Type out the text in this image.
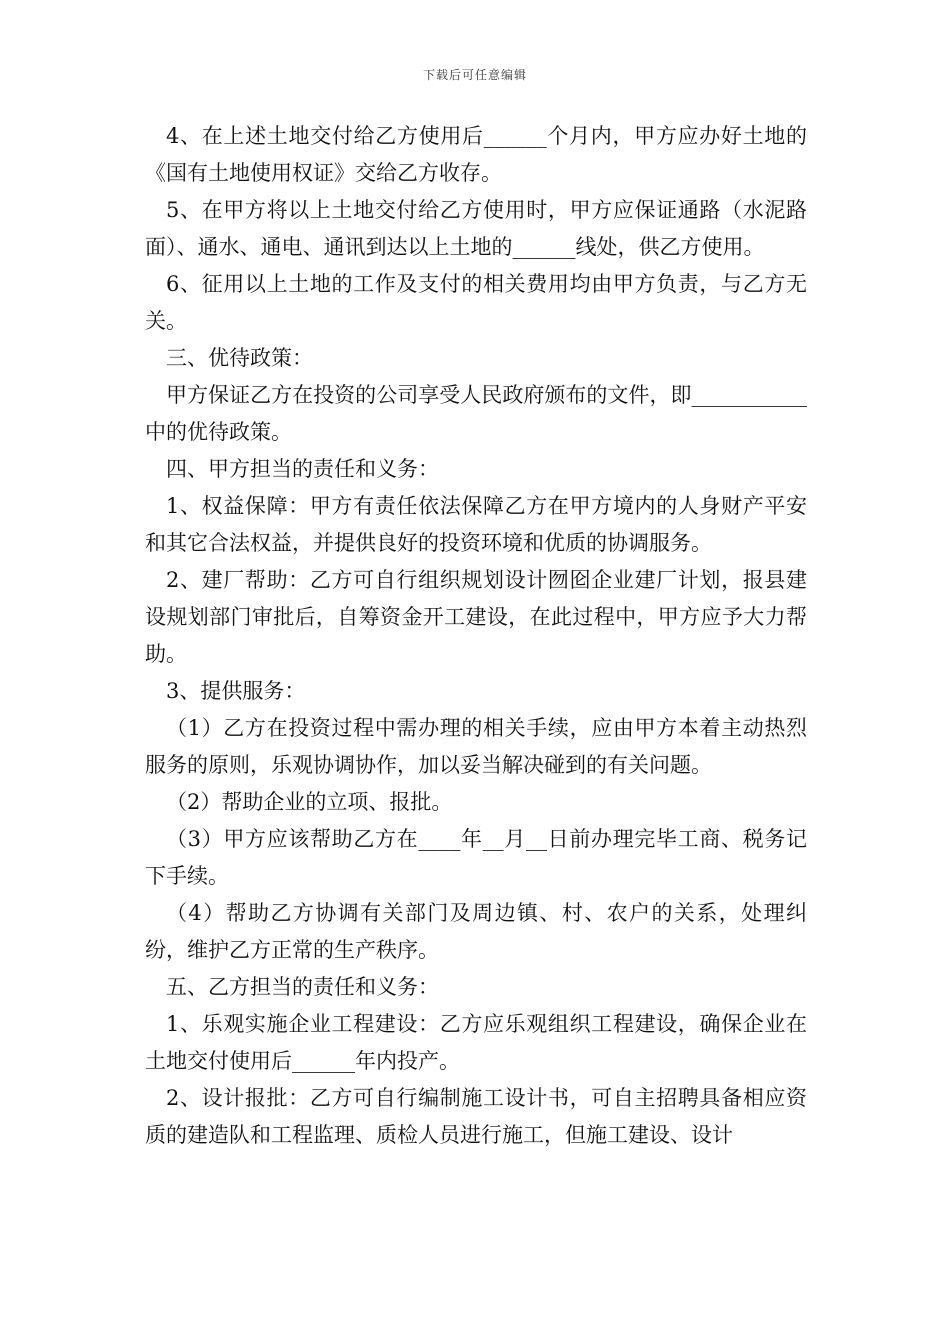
下载后可任意编辑

4、在上述土地交付给乙方使用后______个月内，甲方应办好土地的《国有土地使用权证》交给乙方收存。

5、在甲方将以上土地交付给乙方使用时，甲方应保证通路（水泥路面）、通水、通电、通讯到达以上土地的______线处，供乙方使用。

6、征用以上土地的工作及支付的相关费用均由甲方负责，与乙方无关。

三、优待政策：

甲方保证乙方在投资的公司享受人民政府颁布的文件，即___________中的优待政策。

四、甲方担当的责任和义务：

1、权益保障：甲方有责任依法保障乙方在甲方境内的人身财产平安和其它合法权益，并提供良好的投资环境和优质的协调服务。

2、建厂帮助：乙方可自行组织规划设计囫囵企业建厂计划，报县建设规划部门审批后，自筹资金开工建设，在此过程中，甲方应予大力帮助。

3、提供服务：

（1）乙方在投资过程中需办理的相关手续，应由甲方本着主动热烈服务的原则，乐观协调协作，加以妥当解决碰到的有关问题。

（2）帮助企业的立项、报批。

（3）甲方应该帮助乙方在____年__月__日前办理完毕工商、税务记下手续。

（4）帮助乙方协调有关部门及周边镇、村、农户的关系，处理纠纷，维护乙方正常的生产秩序。

五、乙方担当的责任和义务：

1、乐观实施企业工程建设：乙方应乐观组织工程建设，确保企业在土地交付使用后______年内投产。

2、设计报批：乙方可自行编制施工设计书，可自主招聘具备相应资质的建造队和工程监理、质检人员进行施工，但施工建设、设计
